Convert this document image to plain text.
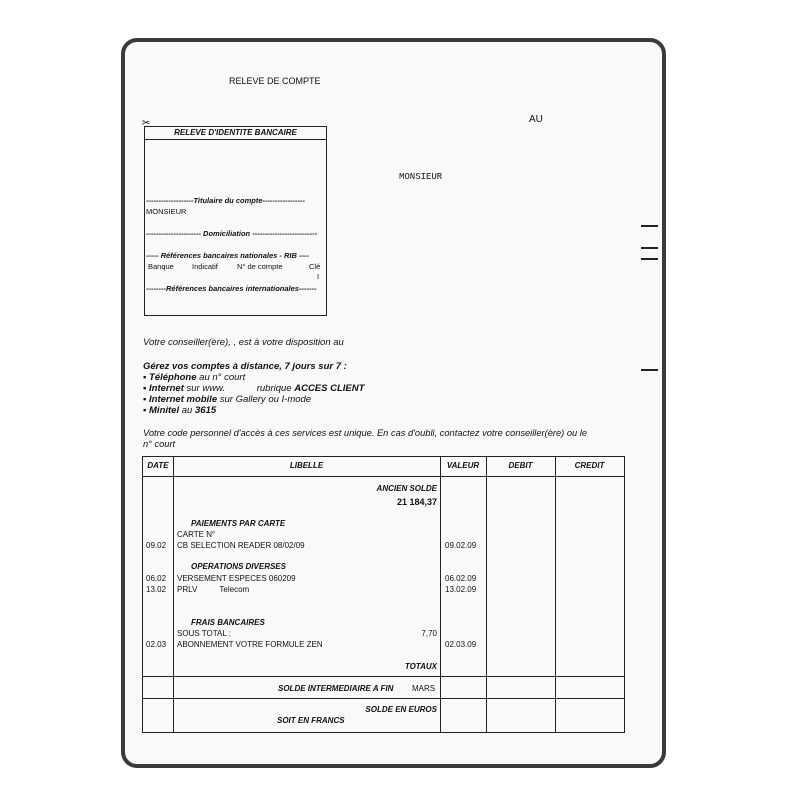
RELEVE DE COMPTE
AU
MONSIEUR
✂
RELEVE D'IDENTITE BANCAIRE
-------------------Titulaire du compte-----------------
MONSIEUR
---------------------- Domiciliation --------------------------
----- Références bancaires nationales - RIB ----
Banque Indicatif	N° de compte	Clé
I
--------Références bancaires internationales-------
Votre conseiller(ère), , est à votre disposition au
Gérez vos comptes à distance, 7 jours sur 7 :
▪ Téléphone au n° court
▪ Internet sur www.            rubrique ACCES CLIENT
▪ Internet mobile sur Gallery ou I-mode
▪ Minitel au 3615
Votre code personnel d'accès à ces services est unique. En cas d'oubli, contactez votre conseiller(ère) ou le
n° court
DATE	LIBELLE	VALEUR	DEBIT	CREDIT
ANCIEN SOLDE
21 184,37
PAIEMENTS PAR CARTE
CARTE N°
09.02 CB SELECTION READER 08/02/09	09.02.09
OPERATIONS DIVERSES
06.02 VERSEMENT ESPECES 060209	06.02.09
13.02 PRLV          Telecom	13.02.09
FRAIS BANCAIRES
SOUS TOTAL :	7,70
02.03 ABONNEMENT VOTRE FORMULE ZEN	02.03.09
TOTAUX
SOLDE INTERMEDIAIRE A FIN MARS
SOLDE EN EUROS
SOIT EN FRANCS
